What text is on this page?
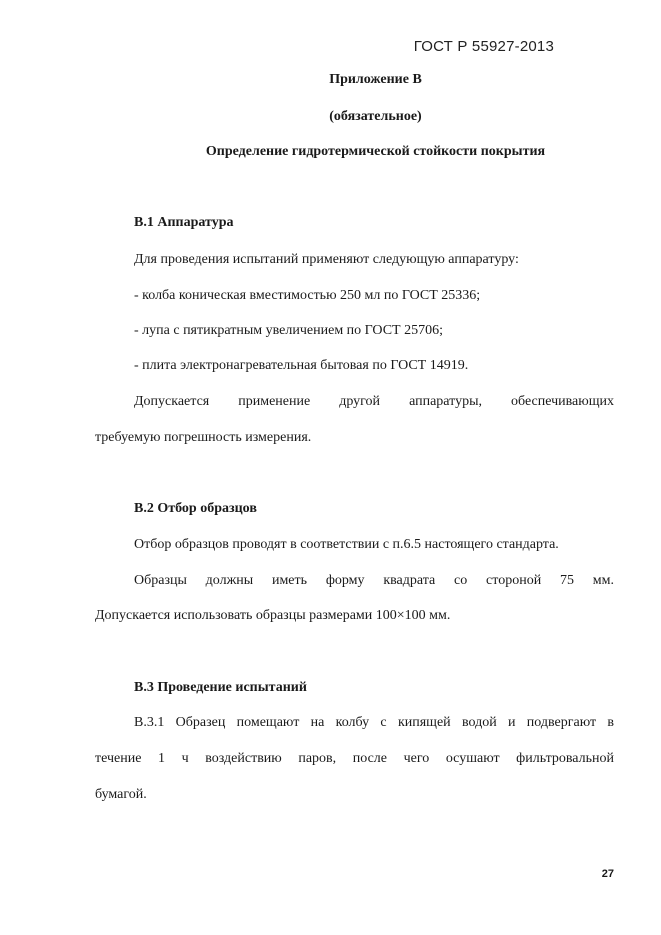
ГОСТ Р 55927-2013
Приложение В
(обязательное)
Определение гидротермической стойкости покрытия
В.1 Аппаратура
Для проведения испытаний применяют следующую аппаратуру:
- колба коническая вместимостью 250 мл по ГОСТ 25336;
- лупа с пятикратным увеличением по ГОСТ 25706;
- плита электронагревательная бытовая по ГОСТ 14919.
Допускается применение другой аппаратуры, обеспечивающих
требуемую погрешность измерения.
В.2 Отбор образцов
Отбор образцов проводят в соответствии с п.6.5 настоящего стандарта.
Образцы должны иметь форму квадрата со стороной 75 мм.
Допускается использовать образцы размерами 100×100 мм.
В.3 Проведение испытаний
В.3.1 Образец помещают на колбу с кипящей водой и подвергают в
течение 1 ч воздействию паров, после чего осушают фильтровальной
бумагой.
27
